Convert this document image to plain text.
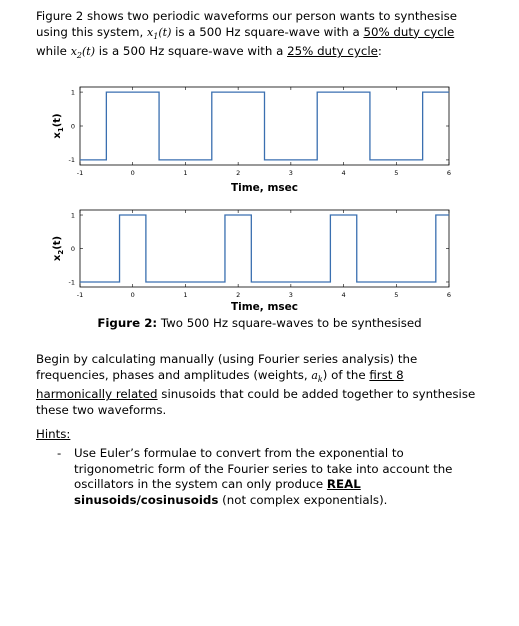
Figure 2 shows two periodic waveforms our person wants to synthesise using this system, $x_1(t)$ is a 500 Hz square-wave with a 50% duty cycle while $x_2(t)$ is a 500 Hz square-wave with a 25% duty cycle:
-1	0	1	2	3	4	5	6
1
0
-1
Time, msec
$x_1(t)$
-1	0	1	2	3	4	5	6
1
0
-1
Time, msec
$x_2(t)$
Figure 2: Two 500 Hz square-waves to be synthesised
Begin by calculating manually (using Fourier series analysis) the frequencies, phases and amplitudes (weights, $a_k$) of the first 8 harmonically related sinusoids that could be added together to synthesise these two waveforms.
Hints:
- Use Euler’s formulae to convert from the exponential to trigonometric form of the Fourier series to take into account the oscillators in the system can only produce REAL sinusoids/cosinusoids (not complex exponentials).
